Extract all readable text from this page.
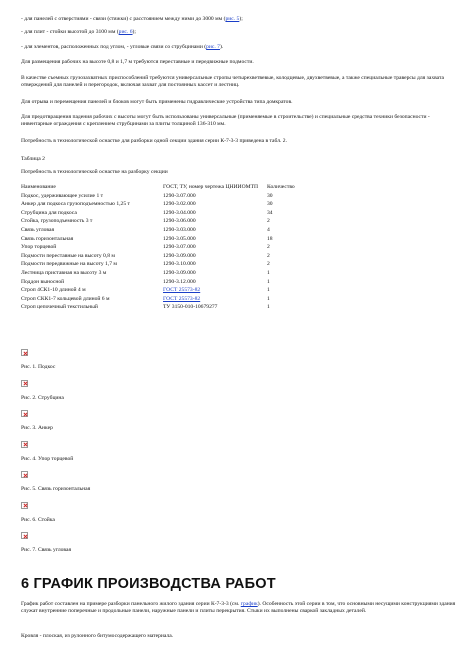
- для панелей с отверстиями - связи (стяжки) с расстоянием между ними до 3000 мм (рис. 5);

- для плит - стойки высотой до 3100 мм (рис. 6);

- для элементов, расположенных под углом, - угловые связи со струбцинами (рис. 7).

Для размещения рабочих на высоте 0,8 и 1,7 м требуются переставные и передвижные подмости.

В качестве съемных грузозахватных приспособлений требуются универсальные стропы четырехветвевые, колодцевые, двухветвевые, а также специальные траверсы для захвата отверждений для панелей и перегородок, включая захват для постоянных кассет и лестниц.

Для отрыва и перемещения панелей и блоков могут быть применены гидравлические устройства типа домкратов.

Для предотвращения падения рабочих с высоты могут быть использованы универсальные (применяемые в строительстве) и специальные средства техники безопасности - инвентарные ограждения с креплением струбцинами за плиты толщиной 136-310 мм.

Потребность в технологической оснастке для разборки одной секции здания серии К-7-3-3 приведена в табл. 2.

Таблица 2

Потребность в технологической оснастке на разборку секции

Наименование	ГОСТ, ТУ, номер чертежа ЦНИИОМТП	Количество
Подкос, удерживающее усилие 1 т	1290-3.07.000	30
Анкер для подкоса грузоподъемностью 1,25 т	1290-3.02.000	30
Струбцина для подкоса	1290-3.04.000	34
Стойка, грузоподъемность 3 т	1290-3.06.000	2
Связь угловая	1290-3.03.000	4
Связь горизонтальная	1290-3.05.000	18
Упор торцевой	1290-3.07.000	2
Подмости переставные на высоту 0,8 м	1290-3.09.000	2
Подмости передвижные на высоту 1,7 м	1290-3.10.000	2
Лестница приставная на высоту 3 м	1290-3.09.000	1
Поддон выносной	1290-3.12.000	1
Строп 4СК1-10 длиной 4 м	ГОСТ 25573-82	1
Строп СКК1-7 кольцевой длиной 6 м	ГОСТ 25573-82	1
Строп цепочечный текстильный	ТУ 3150-010-10679277	1
Рис. 1. Подкос
Рис. 2. Струбцина
Рис. 3. Анкер
Рис. 4. Упор торцевой
Рис. 5. Связь горизонтальная
Рис. 6. Стойка
Рис. 7. Связь угловая
6 ГРАФИК ПРОИЗВОДСТВА РАБОТ

График работ составлен на примере разборки панельного жилого здания серии К-7-3-3 (см. график). Особенность этой серии в том, что основными несущими конструкциями здания служат внутренние поперечные и продольные панели, наружные панели и плиты перекрытия. Стыки их выполнены сваркой закладных деталей.

Кровля - плоская, из рулонного битумосодержащего материала.
